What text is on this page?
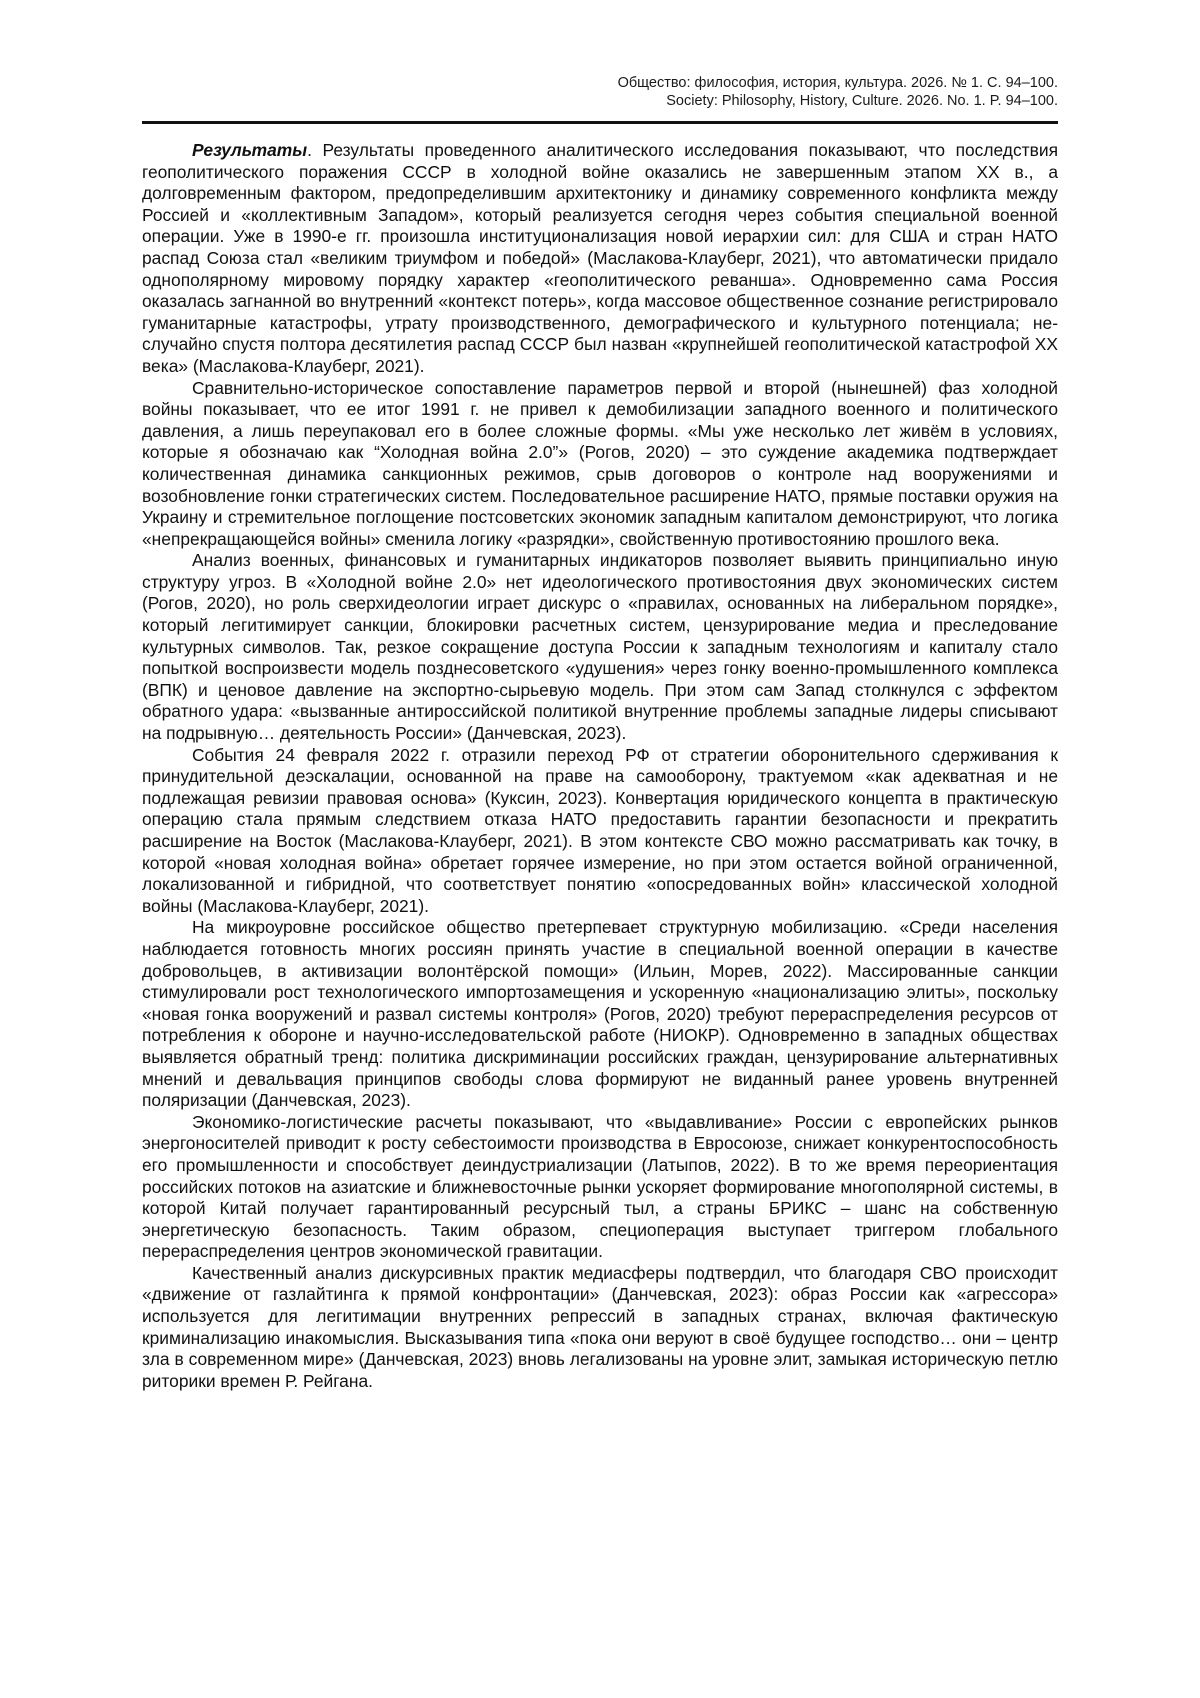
Общество: философия, история, культура. 2026. № 1. С. 94–100.
Society: Philosophy, History, Culture. 2026. No. 1. P. 94–100.

Результаты. Результаты проведенного аналитического исследования показывают, что последствия геополитического поражения СССР в холодной войне оказались не завершенным этапом XX в., а долговременным фактором, предопределившим архитектонику и динамику современного конфликта между Россией и «коллективным Западом», который реализуется сегодня через события специальной военной операции. Уже в 1990-е гг. произошла институционализация новой иерархии сил: для США и стран НАТО распад Союза стал «великим триумфом и победой» (Маслакова-Клауберг, 2021), что автоматически придало однополярному мировому порядку характер «геополитического реванша». Одновременно сама Россия оказалась загнанной во внутренний «контекст потерь», когда массовое общественное сознание регистрировало гуманитарные катастрофы, утрату производственного, демографического и культурного потенциала; неслучайно спустя полтора десятилетия распад СССР был назван «крупнейшей геополитической катастрофой XX века» (Маслакова-Клауберг, 2021).

Сравнительно-историческое сопоставление параметров первой и второй (нынешней) фаз холодной войны показывает, что ее итог 1991 г. не привел к демобилизации западного военного и политического давления, а лишь переупаковал его в более сложные формы. «Мы уже несколько лет живём в условиях, которые я обозначаю как “Холодная война 2.0”» (Рогов, 2020) – это суждение академика подтверждает количественная динамика санкционных режимов, срыв договоров о контроле над вооружениями и возобновление гонки стратегических систем. Последовательное расширение НАТО, прямые поставки оружия на Украину и стремительное поглощение постсоветских экономик западным капиталом демонстрируют, что логика «непрекращающейся войны» сменила логику «разрядки», свойственную противостоянию прошлого века.

Анализ военных, финансовых и гуманитарных индикаторов позволяет выявить принципиально иную структуру угроз. В «Холодной войне 2.0» нет идеологического противостояния двух экономических систем (Рогов, 2020), но роль сверхидеологии играет дискурс о «правилах, основанных на либеральном порядке», который легитимирует санкции, блокировки расчетных систем, цензурирование медиа и преследование культурных символов. Так, резкое сокращение доступа России к западным технологиям и капиталу стало попыткой воспроизвести модель позднесоветского «удушения» через гонку военно-промышленного комплекса (ВПК) и ценовое давление на экспортно-сырьевую модель. При этом сам Запад столкнулся с эффектом обратного удара: «вызванные антироссийской политикой внутренние проблемы западные лидеры списывают на подрывную… деятельность России» (Данчевская, 2023).

События 24 февраля 2022 г. отразили переход РФ от стратегии оборонительного сдерживания к принудительной деэскалации, основанной на праве на самооборону, трактуемом «как адекватная и не подлежащая ревизии правовая основа» (Куксин, 2023). Конвертация юридического концепта в практическую операцию стала прямым следствием отказа НАТО предоставить гарантии безопасности и прекратить расширение на Восток (Маслакова-Клауберг, 2021). В этом контексте СВО можно рассматривать как точку, в которой «новая холодная война» обретает горячее измерение, но при этом остается войной ограниченной, локализованной и гибридной, что соответствует понятию «опосредованных войн» классической холодной войны (Маслакова-Клауберг, 2021).

На микроуровне российское общество претерпевает структурную мобилизацию. «Среди населения наблюдается готовность многих россиян принять участие в специальной военной операции в качестве добровольцев, в активизации волонтёрской помощи» (Ильин, Морев, 2022). Массированные санкции стимулировали рост технологического импортозамещения и ускоренную «национализацию элиты», поскольку «новая гонка вооружений и развал системы контроля» (Рогов, 2020) требуют перераспределения ресурсов от потребления к обороне и научно-исследовательской работе (НИОКР). Одновременно в западных обществах выявляется обратный тренд: политика дискриминации российских граждан, цензурирование альтернативных мнений и девальвация принципов свободы слова формируют не виданный ранее уровень внутренней поляризации (Данчевская, 2023).

Экономико-логистические расчеты показывают, что «выдавливание» России с европейских рынков энергоносителей приводит к росту себестоимости производства в Евросоюзе, снижает конкурентоспособность его промышленности и способствует деиндустриализации (Латыпов, 2022). В то же время переориентация российских потоков на азиатские и ближневосточные рынки ускоряет формирование многополярной системы, в которой Китай получает гарантированный ресурсный тыл, а страны БРИКС – шанс на собственную энергетическую безопасность. Таким образом, специоперация выступает триггером глобального перераспределения центров экономической гравитации.

Качественный анализ дискурсивных практик медиасферы подтвердил, что благодаря СВО происходит «движение от газлайтинга к прямой конфронтации» (Данчевская, 2023): образ России как «агрессора» используется для легитимации внутренних репрессий в западных странах, включая фактическую криминализацию инакомыслия. Высказывания типа «пока они веруют в своё будущее господство… они – центр зла в современном мире» (Данчевская, 2023) вновь легализованы на уровне элит, замыкая историческую петлю риторики времен Р. Рейгана.
